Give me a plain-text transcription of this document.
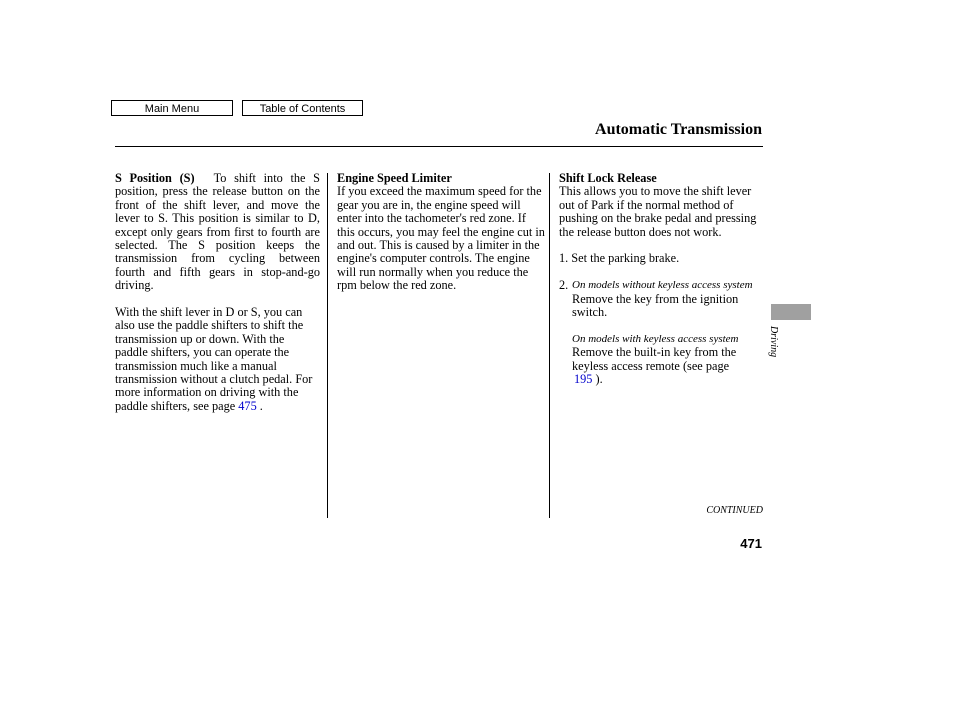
Main Menu	Table of Contents
Automatic Transmission

S Position (S) To shift into the S position, press the release button on the front of the shift lever, and move the lever to S. This position is similar to D, except only gears from first to fourth are selected. The S position keeps the transmission from cycling between fourth and fifth gears in stop-and-go driving.

With the shift lever in D or S, you can also use the paddle shifters to shift the transmission up or down. With the paddle shifters, you can operate the transmission much like a manual transmission without a clutch pedal. For more information on driving with the paddle shifters, see page 475 .

Engine Speed Limiter

If you exceed the maximum speed for the gear you are in, the engine speed will enter into the tachometer's red zone. If this occurs, you may feel the engine cut in and out. This is caused by a limiter in the engine's computer controls. The engine will run normally when you reduce the rpm below the red zone.

Shift Lock Release

This allows you to move the shift lever out of Park if the normal method of pushing on the brake pedal and pressing the release button does not work.

1. Set the parking brake.

2. On models without keyless access system

Remove the key from the ignition switch.

On models with keyless access system

Remove the built-in key from the keyless access remote (see page
195 ).

Driving
CONTINUED
471
